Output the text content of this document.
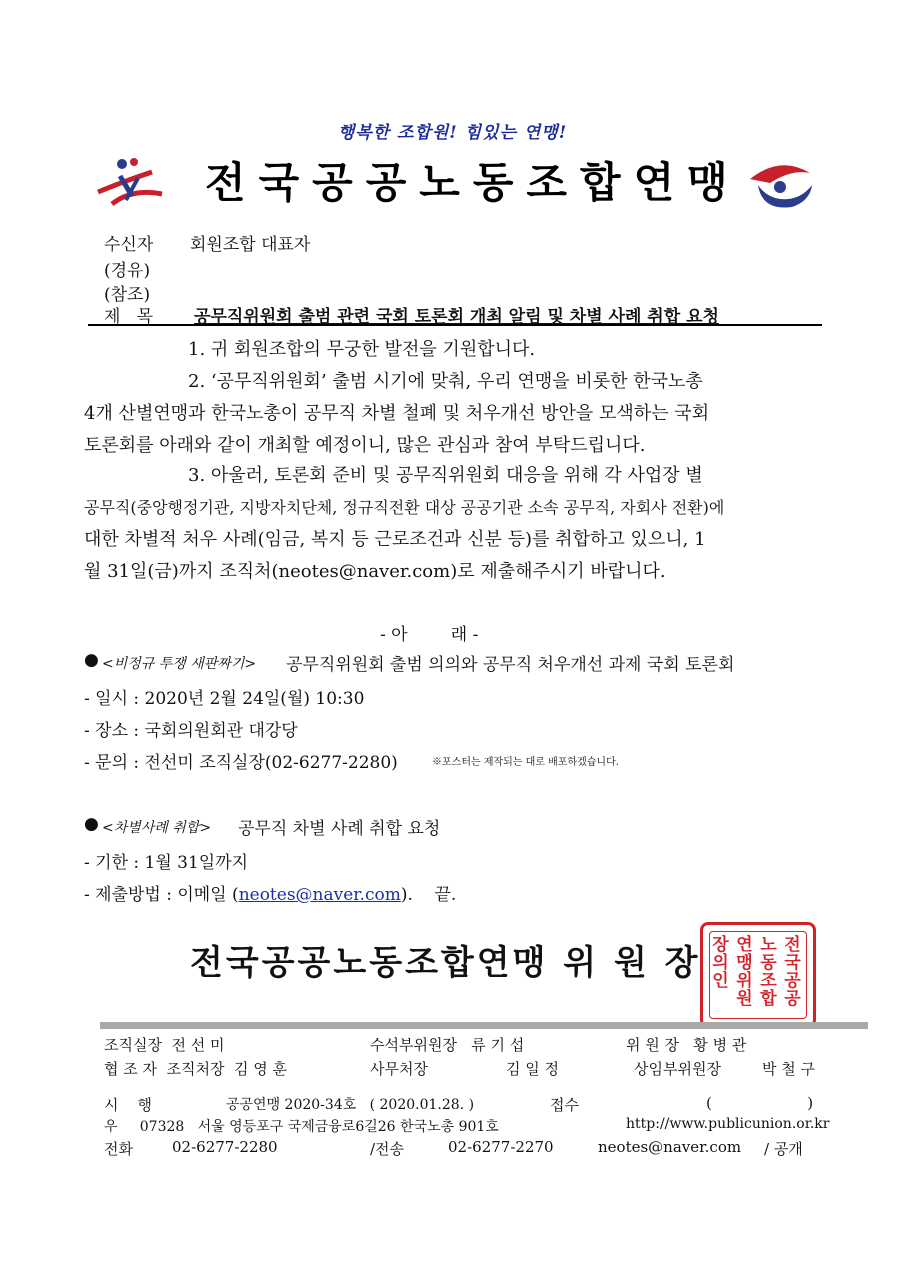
행복한 조합원! 힘있는 연맹!
전국공공노동조합연맹
수신자 회원조합 대표자
(경유)
(참조)
제   목 공무직위원회 출범 관련 국회 토론회 개최 알림 및 차별 사례 취합 요청
1. 귀 회원조합의 무궁한 발전을 기원합니다.
2. ‘공무직위원회’ 출범 시기에 맞춰, 우리 연맹을 비롯한 한국노총
4개 산별연맹과 한국노총이 공무직 차별 철폐 및 처우개선 방안을 모색하는 국회
토론회를 아래와 같이 개최할 예정이니, 많은 관심과 참여 부탁드립니다.
3. 아울러, 토론회 준비 및 공무직위원회 대응을 위해 각 사업장 별
공무직(중앙행정기관, 지방자치단체, 정규직전환 대상 공공기관 소속 공무직, 자회사 전환)에
대한 차별적 처우 사례(임금, 복지 등 근로조건과 신분 등)를 취합하고 있으니, 1
월 31일(금)까지 조직처(neotes@naver.com)로 제출해주시기 바랍니다.
- 아        래 -
● <비정규 투쟁 새판짜기> 공무직위원회 출범 의의와 공무직 처우개선 과제 국회 토론회
- 일시 : 2020년 2월 24일(월) 10:30
- 장소 : 국회의원회관 대강당
- 문의 : 전선미 조직실장(02-6277-2280)	※포스터는 제작되는 대로 배포하겠습니다.
● <차별사례 취합> 공무직 차별 사례 취합 요청
- 기한 : 1월 31일까지
- 제출방법 : 이메일 (neotes@naver.com).    끝.
전국공공노동조합연맹 위 원 장	전국공공
노동조합
연맹위원
장의인
조직실장  전 선 미	수석부위원장   류 기 섭	위 원 장   황 병 관
협 조 자  조직처장  김 영 훈	사무처장	김 일 정	상임부위원장	박 철 구
시    행	공공연맹 2020-34호   ( 2020.01.28. )	접수	(                    )
우     07328   서울 영등포구 국제금융로6길26 한국노총 901호	http://www.publicunion.or.kr
전화	02-6277-2280	/전송	02-6277-2270	neotes@naver.com / 공개
